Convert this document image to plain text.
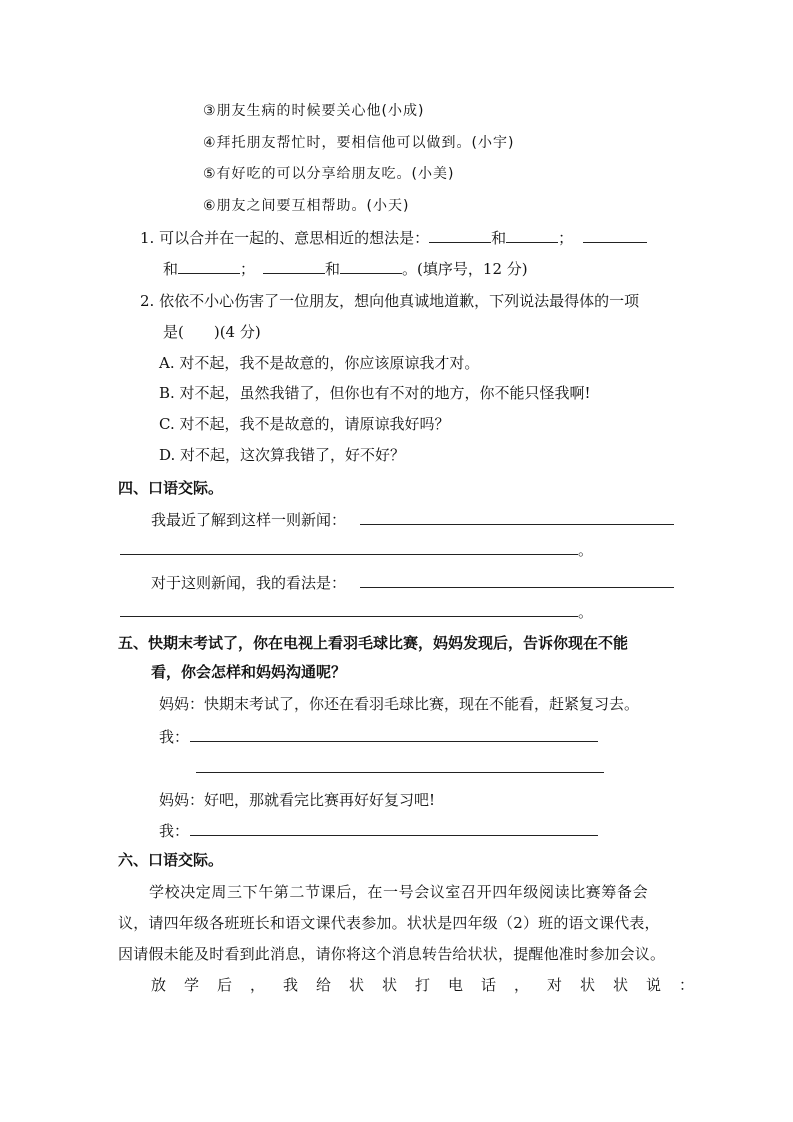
③朋友生病的时候要关心他(小成)
④拜托朋友帮忙时，要相信他可以做到。(小宇)
⑤有好吃的可以分享给朋友吃。(小美)
⑥朋友之间要互相帮助。(小天)
1. 可以合并在一起的、意思相近的想法是：	和	；
和	；	和	。(填序号，12 分)
2. 依依不小心伤害了一位朋友，想向他真诚地道歉，下列说法最得体的一项
是(　　)(4 分)
A. 对不起，我不是故意的，你应该原谅我才对。
B. 对不起，虽然我错了，但你也有不对的地方，你不能只怪我啊!
C. 对不起，我不是故意的，请原谅我好吗？
D. 对不起，这次算我错了，好不好？
四、口语交际。
我最近了解到这样一则新闻：
。
对于这则新闻，我的看法是：
。
五、快期末考试了，你在电视上看羽毛球比赛，妈妈发现后，告诉你现在不能
看，你会怎样和妈妈沟通呢？
妈妈：快期末考试了，你还在看羽毛球比赛，现在不能看，赶紧复习去。
我：
妈妈：好吧，那就看完比赛再好好复习吧!
我：
六、口语交际。
学校决定周三下午第二节课后，在一号会议室召开四年级阅读比赛筹备会
议，请四年级各班班长和语文课代表参加。状状是四年级（2）班的语文课代表，
因请假未能及时看到此消息，请你将这个消息转告给状状，提醒他准时参加会议。
放学后，我给状状打电话，对状状说：
